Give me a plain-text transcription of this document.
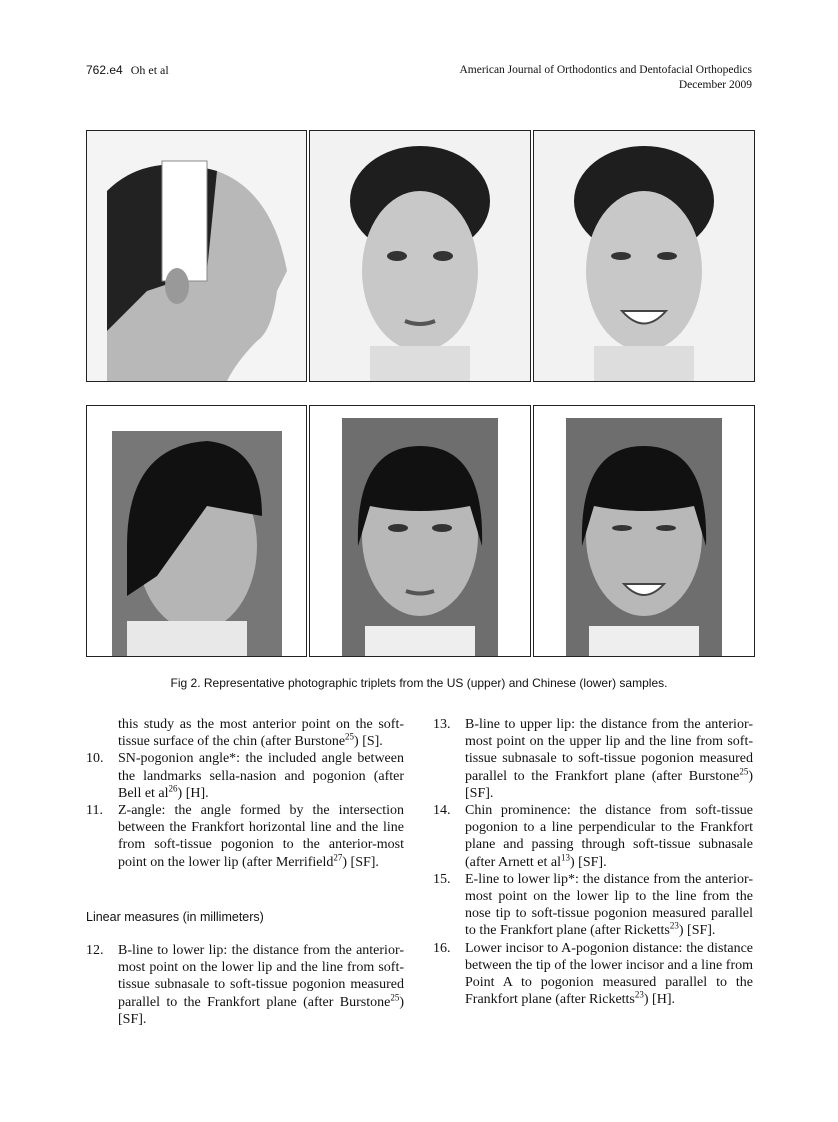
762.e4 Oh et al	American Journal of Orthodontics and Dentofacial Orthopedics
December 2009
Fig 2. Representative photographic triplets from the US (upper) and Chinese (lower) samples.
this study as the most anterior point on the soft-tissue surface of the chin (after Burstone$^{25}$) [S].
10. SN-pogonion angle*: the included angle between the landmarks sella-nasion and pogonion (after Bell et $al^{26}$) [H].
11. Z-angle: the angle formed by the intersection between the Frankfort horizontal line and the line from soft-tissue pogonion to the anterior-most point on the lower lip (after Merrifield$^{27}$) [SF].
Linear measures (in millimeters)
12. B-line to lower lip: the distance from the anterior-most point on the lower lip and the line from soft-tissue subnasale to soft-tissue pogonion measured parallel to the Frankfort plane (after Burstone$^{25}$) [SF].
13. B-line to upper lip: the distance from the anterior-most point on the upper lip and the line from soft-tissue subnasale to soft-tissue pogonion measured parallel to the Frankfort plane (after Burstone$^{25}$) [SF].
14. Chin prominence: the distance from soft-tissue pogonion to a line perpendicular to the Frankfort plane and passing through soft-tissue subnasale (after Arnett et $al^{13}$) [SF].
15. E-line to lower lip*: the distance from the anterior-most point on the lower lip to the line from the nose tip to soft-tissue pogonion measured parallel to the Frankfort plane (after Ricketts$^{23}$) [SF].
16. Lower incisor to A-pogonion distance: the distance between the tip of the lower incisor and a line from Point A to pogonion measured parallel to the Frankfort plane (after Ricketts$^{23}$) [H].
